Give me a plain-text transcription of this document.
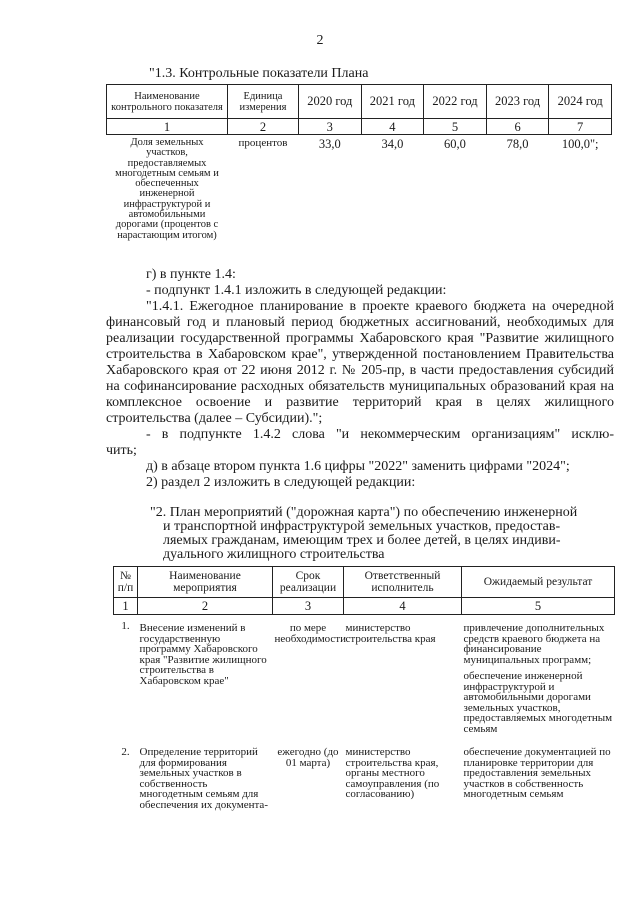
2
"1.3. Контрольные показатели Плана
Наименование контрольного показателя	Единица измерения	2020 год	2021 год	2022 год	2023 год	2024 год
1	2	3	4	5	6	7
Доля земельных участков, предоставляемых многодетным семьям и обеспеченных инженерной инфраструктурой и автомобильными дорогами (процентов с нарастающим итогом)	процентов	33,0	34,0	60,0	78,0	100,0";

г) в пункте 1.4:

- подпункт 1.4.1 изложить в следующей редакции:

"1.4.1. Ежегодное планирование в проекте краевого бюджета на очередной финансовый год и плановый период бюджетных ассигнований, необходимых для реализации государственной программы Хабаровского края "Развитие жилищного строительства в Хабаровском крае", утвержденной постановлением Правительства Хабаровского края от 22 июня 2012 г. № 205-пр, в части предоставления субсидий на софинансирование расходных обязательств муниципальных образований края на комплексное освоение и развитие территорий края в целях жилищного строительства (далее – Субсидии).";

- в подпункте 1.4.2 слова "и некоммерческим организациям" исклю-

чить;

д) в абзаце втором пункта 1.6 цифры "2022" заменить цифрами "2024";

2) раздел 2 изложить в следующей редакции:

"2. План мероприятий ("дорожная карта") по обеспечению инженерной
и транспортной инфраструктурой земельных участков, предостав-
ляемых гражданам, имеющим трех и более детей, в целях индиви-
дуального жилищного строительства
№ п/п	Наименование мероприятия	Срок реализации	Ответственный исполнитель	Ожидаемый результат
1	2	3	4	5
1.	Внесение изменений в государственную программу Хабаровского края "Развитие жилищного строительства в Хабаровском крае"	по мере необходимости	министерство строительства края	привлечение дополнительных средств краевого бюджета на финансирование муниципальных программ;
обеспечение инженерной инфраструктурой и автомобильными дорогами земельных участков, предоставляемых многодетным семьям

2.	Определение территорий для формирования земельных участков в собственность многодетным семьям для обеспечения их документа-	ежегодно (до 01 марта)	министерство строительства края, органы местного самоуправления (по согласованию)	обеспечение документацией по планировке территории для предоставления земельных участков в собственность многодетным семьям
